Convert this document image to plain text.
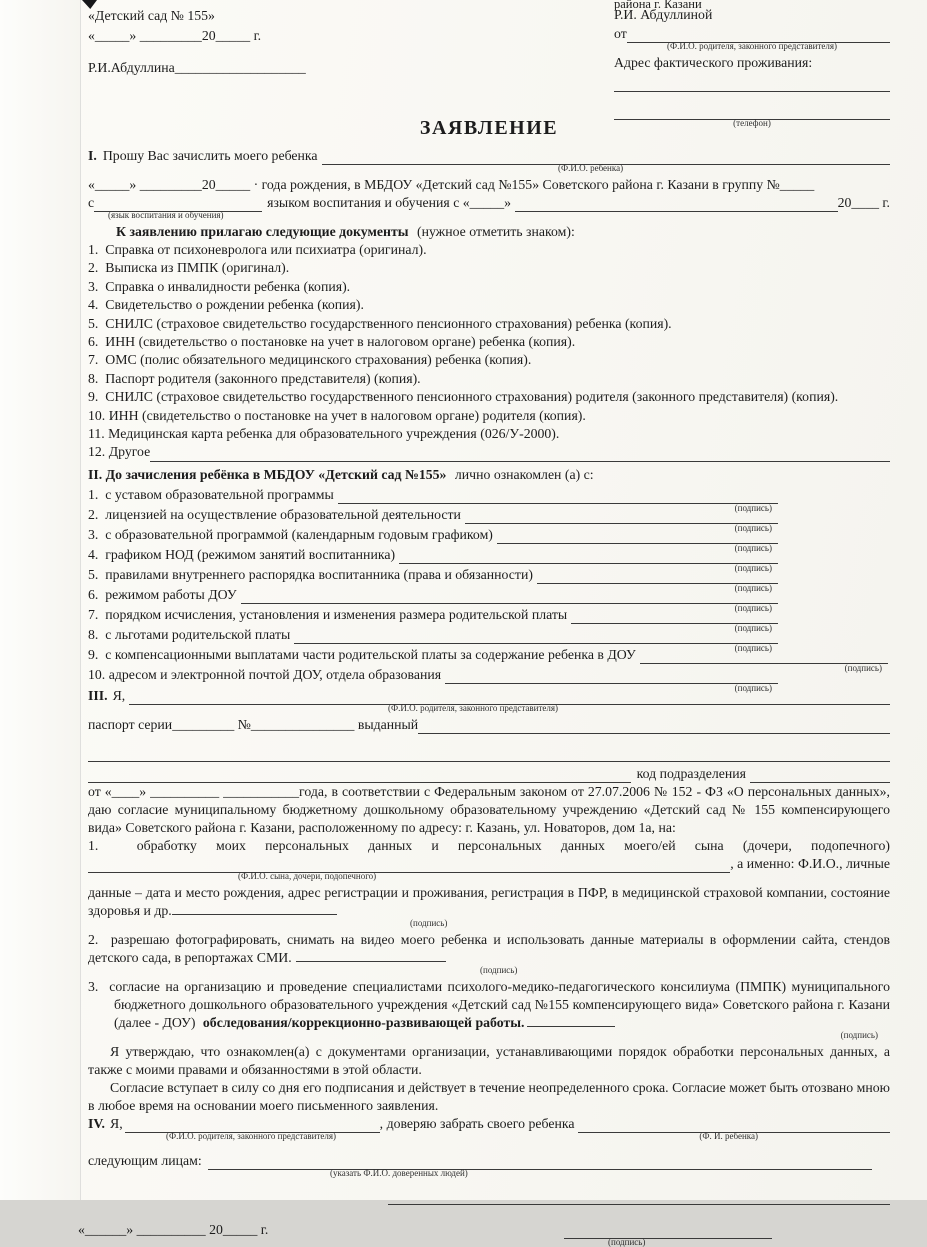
«Детский сад № 155»
«_____» _________20_____ г.
Р.И.Абдуллина___________________
района г. Казани
Р.И. Абдуллиной
от
(Ф.И.О. родителя, законного представителя)
Адрес фактического проживания:
(телефон)
ЗАЯВЛЕНИЕ
I. Прошу Вас зачислить моего ребенка
(Ф.И.О. ребенка)
«_____» _________20_____ · года рождения, в МБДОУ «Детский сад №155» Советского района г. Казани в группу №_____
с	языком воспитания и обучения с «_____»	20____ г.
(язык воспитания и обучения)
К заявлению прилагаю следующие документы (нужное отметить знаком):
1.  Справка от психоневролога или психиатра (оригинал).
2.  Выписка из ПМПК (оригинал).
3.  Справка о инвалидности ребенка (копия).
4.  Свидетельство о рождении ребенка (копия).
5.  СНИЛС (страховое свидетельство государственного пенсионного страхования) ребенка (копия).
6.  ИНН (свидетельство о постановке на учет в налоговом органе) ребенка (копия).
7.  ОМС (полис обязательного медицинского страхования) ребенка (копия).
8.  Паспорт родителя (законного представителя) (копия).
9.  СНИЛС (страховое свидетельство государственного пенсионного страхования) родителя (законного представителя) (копия).
10. ИНН (свидетельство о постановке на учет в налоговом органе) родителя (копия).
11. Медицинская карта ребенка для образовательного учреждения (026/У-2000).
12. Другое
II. До зачисления ребёнка в МБДОУ «Детский сад №155» лично ознакомлен (а) с:
1.  с уставом образовательной программы
(подпись)
2.  лицензией на осуществление образовательной деятельности
(подпись)
3.  с образовательной программой (календарным годовым графиком)
(подпись)
4.  графиком НОД (режимом занятий воспитанника)
(подпись)
5.  правилами внутреннего распорядка воспитанника (права и обязанности)
(подпись)
6.  режимом работы ДОУ
(подпись)
7.  порядком исчисления, установления и изменения размера родительской платы
(подпись)
8.  с льготами родительской платы
(подпись)
9.  с компенсационными выплатами части родительской платы за содержание ребенка в ДОУ
(подпись)
10. адресом и электронной почтой ДОУ, отдела образования
(подпись)
III. Я,
(Ф.И.О. родителя, законного представителя)
паспорт серии_________ №_______________ выданный
код подразделения
от «____» __________ ___________года, в соответствии с Федеральным законом от 27.07.2006 № 152 - ФЗ «О персональных данных», даю согласие муниципальному бюджетному дошкольному образовательному учреждению «Детский сад № 155 компенсирующего вида» Советского района г. Казани, расположенному по адресу: г. Казань, ул. Новаторов, дом 1а, на:
1.  обработку моих персональных данных и персональных данных моего/ей сына (дочери, подопечного)
, а именно: Ф.И.О., личные
(Ф.И.О. сына, дочери, подопечного)
данные – дата и место рождения, адрес регистрации и проживания, регистрация в ПФР, в медицинской страховой компании, состояние здоровья и др.
(подпись)
2.  разрешаю фотографировать, снимать на видео моего ребенка и использовать данные материалы в оформлении сайта, стендов детского сада, в репортажах СМИ.
(подпись)
3.  согласие на организацию и проведение специалистами психолого-медико-педагогического консилиума (ПМПК) муниципального бюджетного дошкольного образовательного учреждения «Детский сад №155 компенсирующего вида» Советского района г. Казани (далее - ДОУ) обследования/коррекционно-развивающей работы.
(подпись)
Я утверждаю, что ознакомлен(а) с документами организации, устанавливающими порядок обработки персональных данных, а также с моими правами и обязанностями в этой области.
Согласие вступает в силу со дня его подписания и действует в течение неопределенного срока. Согласие может быть отозвано мною в любое время на основании моего письменного заявления.
IV. Я,	, доверяю забрать своего ребенка
(Ф.И.О. родителя, законного представителя)	(Ф. И. ребенка)
следующим лицам:
(указать Ф.И.О. доверенных людей)
«______» __________ 20_____ г.
(подпись)
